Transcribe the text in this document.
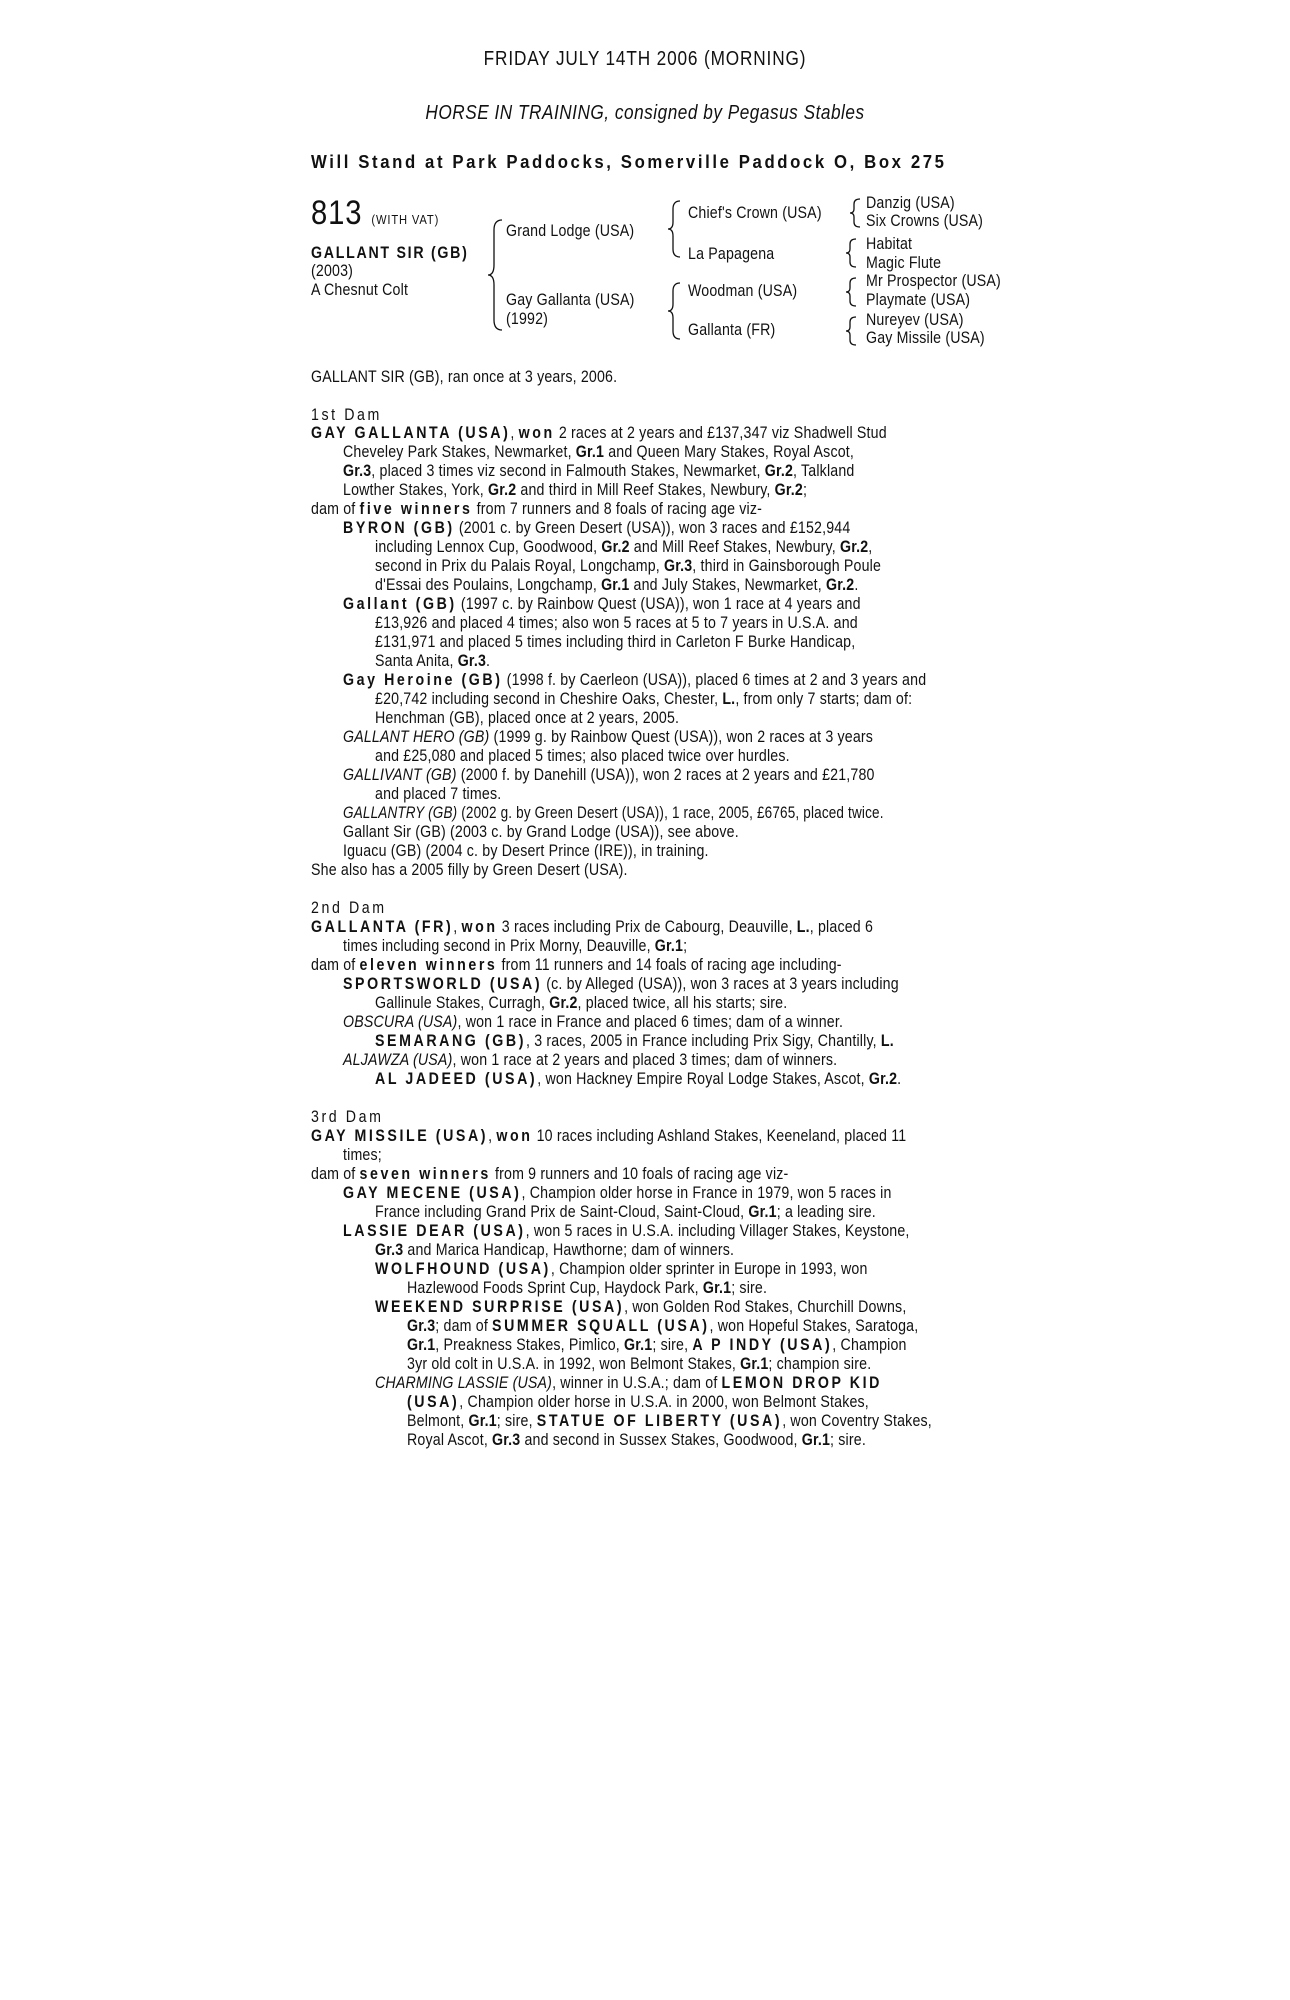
FRIDAY JULY 14TH 2006 (MORNING)
HORSE IN TRAINING, consigned by Pegasus Stables
Will Stand at Park Paddocks, Somerville Paddock O, Box 275
813 (WITH VAT)
GALLANT SIR (GB)
(2003)
A Chesnut Colt
Grand Lodge (USA)
Gay Gallanta (USA)
(1992)
Chief's Crown (USA)
La Papagena
Woodman (USA)
Gallanta (FR)
Danzig (USA)
Six Crowns (USA)
Habitat
Magic Flute
Mr Prospector (USA)
Playmate (USA)
Nureyev (USA)
Gay Missile (USA)
GALLANT SIR (GB), ran once at 3 years, 2006.
1st Dam
GAY GALLANTA (USA), won 2 races at 2 years and £137,347 viz Shadwell Stud
Cheveley Park Stakes, Newmarket, Gr.1 and Queen Mary Stakes, Royal Ascot,
Gr.3, placed 3 times viz second in Falmouth Stakes, Newmarket, Gr.2, Talkland
Lowther Stakes, York, Gr.2 and third in Mill Reef Stakes, Newbury, Gr.2;
dam of five winners from 7 runners and 8 foals of racing age viz-
BYRON (GB) (2001 c. by Green Desert (USA)), won 3 races and £152,944
including Lennox Cup, Goodwood, Gr.2 and Mill Reef Stakes, Newbury, Gr.2,
second in Prix du Palais Royal, Longchamp, Gr.3, third in Gainsborough Poule
d'Essai des Poulains, Longchamp, Gr.1 and July Stakes, Newmarket, Gr.2.
Gallant (GB) (1997 c. by Rainbow Quest (USA)), won 1 race at 4 years and
£13,926 and placed 4 times; also won 5 races at 5 to 7 years in U.S.A. and
£131,971 and placed 5 times including third in Carleton F Burke Handicap,
Santa Anita, Gr.3.
Gay Heroine (GB) (1998 f. by Caerleon (USA)), placed 6 times at 2 and 3 years and
£20,742 including second in Cheshire Oaks, Chester, L., from only 7 starts; dam of:
Henchman (GB), placed once at 2 years, 2005.
GALLANT HERO (GB) (1999 g. by Rainbow Quest (USA)), won 2 races at 3 years
and £25,080 and placed 5 times; also placed twice over hurdles.
GALLIVANT (GB) (2000 f. by Danehill (USA)), won 2 races at 2 years and £21,780
and placed 7 times.
GALLANTRY (GB) (2002 g. by Green Desert (USA)), 1 race, 2005, £6765, placed twice.
Gallant Sir (GB) (2003 c. by Grand Lodge (USA)), see above.
Iguacu (GB) (2004 c. by Desert Prince (IRE)), in training.
She also has a 2005 filly by Green Desert (USA).
2nd Dam
GALLANTA (FR), won 3 races including Prix de Cabourg, Deauville, L., placed 6
times including second in Prix Morny, Deauville, Gr.1;
dam of eleven winners from 11 runners and 14 foals of racing age including-
SPORTSWORLD (USA) (c. by Alleged (USA)), won 3 races at 3 years including
Gallinule Stakes, Curragh, Gr.2, placed twice, all his starts; sire.
OBSCURA (USA), won 1 race in France and placed 6 times; dam of a winner.
SEMARANG (GB), 3 races, 2005 in France including Prix Sigy, Chantilly, L.
ALJAWZA (USA), won 1 race at 2 years and placed 3 times; dam of winners.
AL JADEED (USA), won Hackney Empire Royal Lodge Stakes, Ascot, Gr.2.
3rd Dam
GAY MISSILE (USA), won 10 races including Ashland Stakes, Keeneland, placed 11
times;
dam of seven winners from 9 runners and 10 foals of racing age viz-
GAY MECENE (USA), Champion older horse in France in 1979, won 5 races in
France including Grand Prix de Saint-Cloud, Saint-Cloud, Gr.1; a leading sire.
LASSIE DEAR (USA), won 5 races in U.S.A. including Villager Stakes, Keystone,
Gr.3 and Marica Handicap, Hawthorne; dam of winners.
WOLFHOUND (USA), Champion older sprinter in Europe in 1993, won
Hazlewood Foods Sprint Cup, Haydock Park, Gr.1; sire.
WEEKEND SURPRISE (USA), won Golden Rod Stakes, Churchill Downs,
Gr.3; dam of SUMMER SQUALL (USA), won Hopeful Stakes, Saratoga,
Gr.1, Preakness Stakes, Pimlico, Gr.1; sire, A P INDY (USA), Champion
3yr old colt in U.S.A. in 1992, won Belmont Stakes, Gr.1; champion sire.
CHARMING LASSIE (USA), winner in U.S.A.; dam of LEMON DROP KID
(USA), Champion older horse in U.S.A. in 2000, won Belmont Stakes,
Belmont, Gr.1; sire, STATUE OF LIBERTY (USA), won Coventry Stakes,
Royal Ascot, Gr.3 and second in Sussex Stakes, Goodwood, Gr.1; sire.
